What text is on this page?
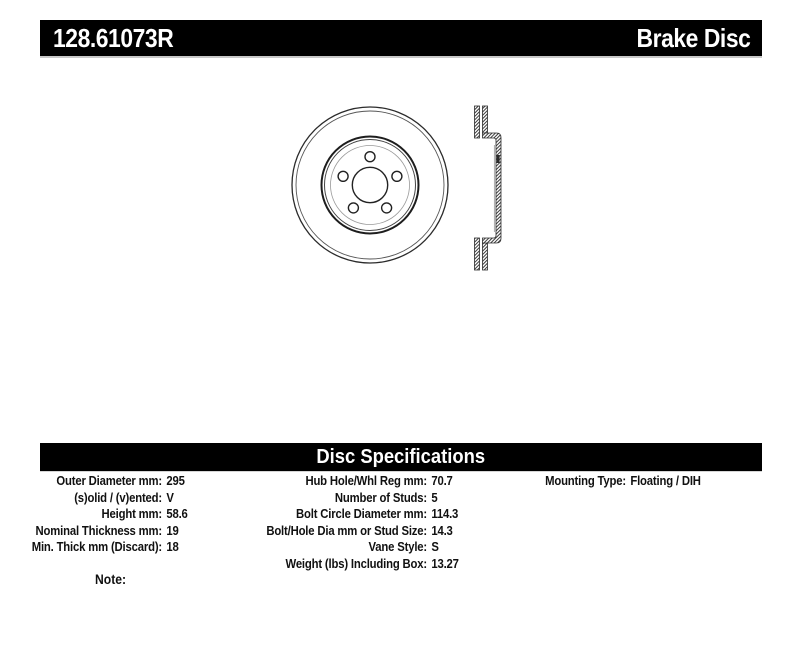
128.61073R	Brake Disc
Disc Specifications
Outer Diameter mm: 295
(s)olid / (v)ented: V
Height mm: 58.6
Nominal Thickness mm: 19
Min. Thick mm (Discard): 18
Hub Hole/Whl Reg mm: 70.7
Number of Studs: 5
Bolt Circle Diameter mm: 114.3
Bolt/Hole Dia mm or Stud Size: 14.3
Vane Style: S
Weight (lbs) Including Box: 13.27
Mounting Type: Floating / DIH
Note:
